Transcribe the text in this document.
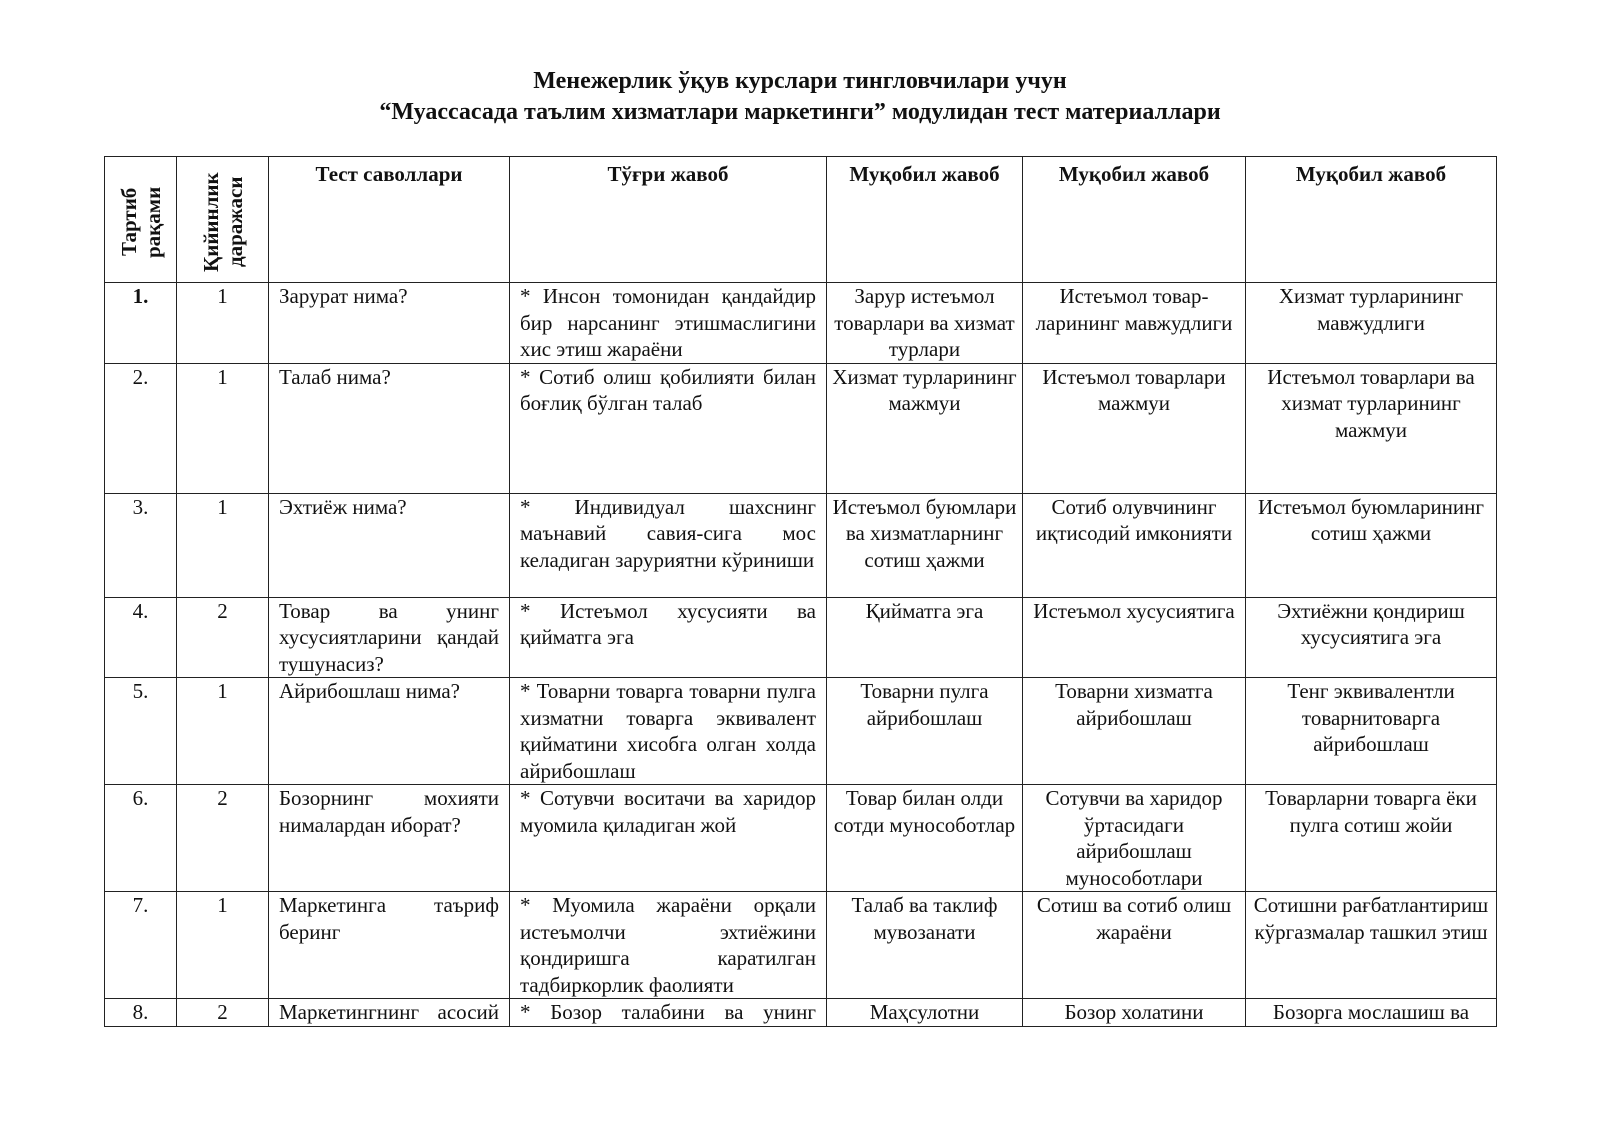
Менежерлик ўқув курслари тингловчилари учун
“Муассасада таълим хизматлари маркетинги” модулидан тест материаллари
Тартиб рақами	Қийинлик даражаси	Тест саволлари	Тўғри жавоб	Муқобил жавоб	Муқобил жавоб	Муқобил жавоб
1.	1	Зарурат нима?	* Инсон томонидан қандайдир бир нарсанинг этишмаслигини хис этиш жараёни	Зарур истеъмол товарлари ва хизмат турлари	Истеъмол товар-ларининг мавжудлиги	Хизмат турларининг мавжудлиги
2.	1	Талаб нима?	* Сотиб олиш қобилияти билан боғлиқ бўлган талаб	Хизмат турларининг мажмуи	Истеъмол товарлари мажмуи	Истеъмол товарлари ва хизмат турларининг мажмуи
3.	1	Эхтиёж нима?	* Индивидуал шахснинг маънавий савия-сига мос келадиган заруриятни кўриниши	Истеъмол буюмлари ва хизматларнинг сотиш ҳажми	Сотиб олувчининг иқтисодий имконияти	Истеъмол буюмларининг сотиш ҳажми
4.	2	Товар ва унинг хусусиятларини қандай тушунасиз?	* Истеъмол хусусияти ва қийматга эга	Қийматга эга	Истеъмол хусусиятига	Эхтиёжни қондириш хусусиятига эга
5.	1	Айрибошлаш нима?	* Товарни товарга товарни пулга хизматни товарга эквивалент қийматини хисобга олган холда айрибошлаш	Товарни пулга айрибошлаш	Товарни хизматга айрибошлаш	Тенг эквивалентли товарнитоварга айрибошлаш
6.	2	Бозорнинг мохияти нималардан иборат?	* Сотувчи воситачи ва харидор муомила қиладиган жой	Товар билан олди сотди мунособотлар	Сотувчи ва харидор ўртасидаги айрибошлаш мунособотлари	Товарларни товарга ёки пулга сотиш жойи
7.	1	Маркетинга таъриф беринг	* Муомила жараёни орқали истеъмолчи эхтиёжини қондиришга каратилган тадбиркорлик фаолияти	Талаб ва таклиф мувозанати	Сотиш ва сотиб олиш жараёни	Сотишни рағбатлантириш кўргазмалар ташкил этиш
8.	2	Маркетингнинг асосий	* Бозор талабини ва унинг	Маҳсулотни	Бозор холатини	Бозорга мослашиш ва
